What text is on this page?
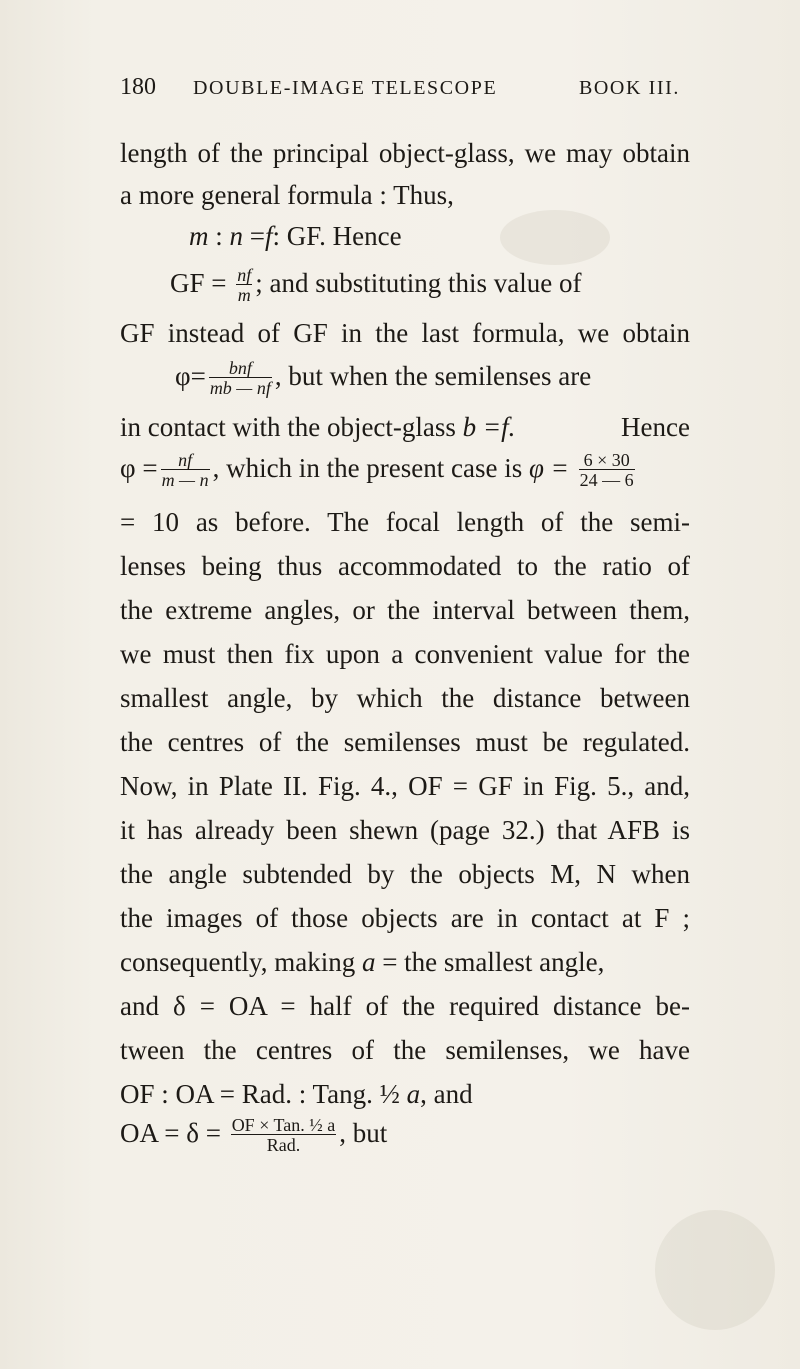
180 DOUBLE-IMAGE TELESCOPE	BOOK III.
length of the principal object-glass, we may obtain
a more general formula : Thus,
m : n =f: GF. Hence
GF = $\frac{nf}{m}$ ; and substituting this value of
GF instead of GF in the last formula, we obtain
$\varphi= \frac{\text{bnf}}{mb — nf}$ , but when the semilenses are
in contact with the object-glass b =f.	Hence
$\varphi = \frac{nf}{m — n}$ , which in the present case is $\varphi = \frac{6 \times 30}{24 — 6}$
= 10 as before. The focal length of the semi-
lenses being thus accommodated to the ratio of
the extreme angles, or the interval between them,
we must then fix upon a convenient value for the
smallest angle, by which the distance between
the centres of the semilenses must be regulated.
Now, in Plate II. Fig. 4., OF = GF in Fig. 5., and,
it has already been shewn (page 32.) that AFB is
the angle subtended by the objects M, N when
the images of those objects are in contact at F ;
consequently, making a = the smallest angle,
and δ = OA = half of the required distance be-
tween the centres of the semilenses, we have
OF : OA = Rad. : Tang. ½ a, and
OA = $\delta = \frac{\text{OF × Tan. ½ a}}{\text{Rad.}}$ , but
